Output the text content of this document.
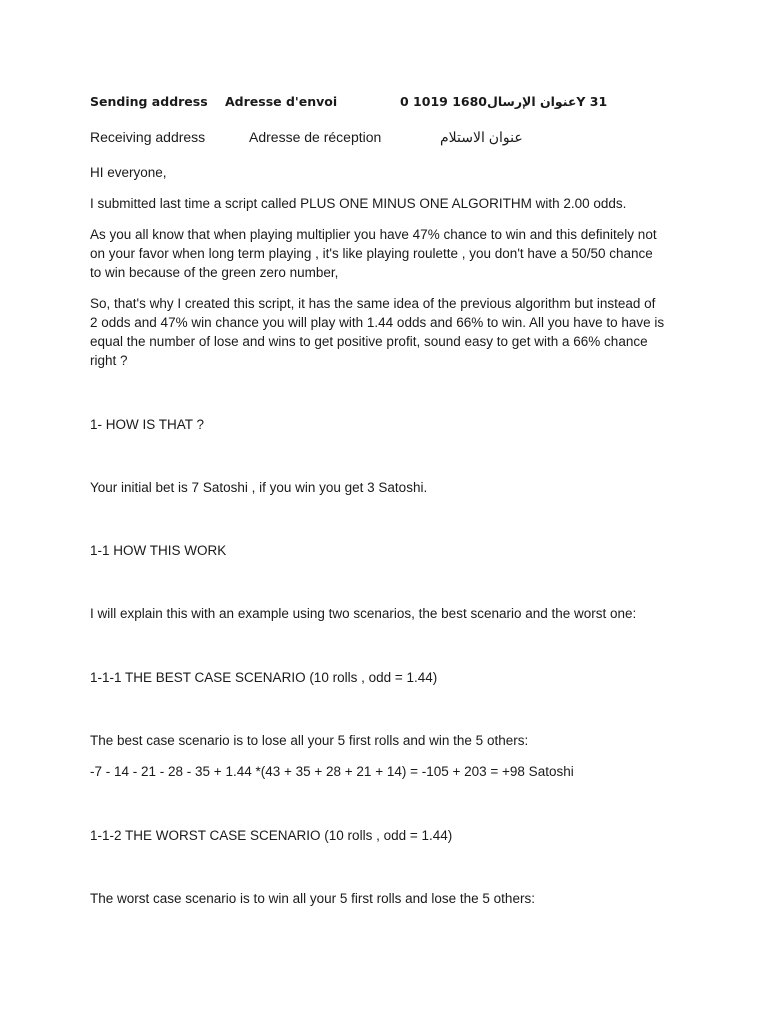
Sending address Adresse d'envoi	0 1019 1680عنوان الإرسالY 31
Receiving address	Adresse de réception	عنوان الاستلام
HI everyone,
I submitted last time a script called PLUS ONE MINUS ONE ALGORITHM with 2.00 odds.
As you all know that when playing multiplier you have 47% chance to win and this definitely not
on your favor when long term playing , it's like playing roulette , you don't have a 50/50 chance
to win because of the green zero number,
So, that's why I created this script, it has the same idea of the previous algorithm but instead of
2 odds and 47% win chance you will play with 1.44 odds and 66% to win. All you have to have is
equal the number of lose and wins to get positive profit, sound easy to get with a 66% chance
right ?
1- HOW IS THAT ?
Your initial bet is 7 Satoshi , if you win you get 3 Satoshi.
1-1 HOW THIS WORK
I will explain this with an example using two scenarios, the best scenario and the worst one:
1-1-1 THE BEST CASE SCENARIO (10 rolls , odd = 1.44)
The best case scenario is to lose all your 5 first rolls and win the 5 others:
-7 - 14 - 21 - 28 - 35 + 1.44 *(43 + 35 + 28 + 21 + 14) = -105 + 203 = +98 Satoshi
1-1-2 THE WORST CASE SCENARIO (10 rolls , odd = 1.44)
The worst case scenario is to win all your 5 first rolls and lose the 5 others:
